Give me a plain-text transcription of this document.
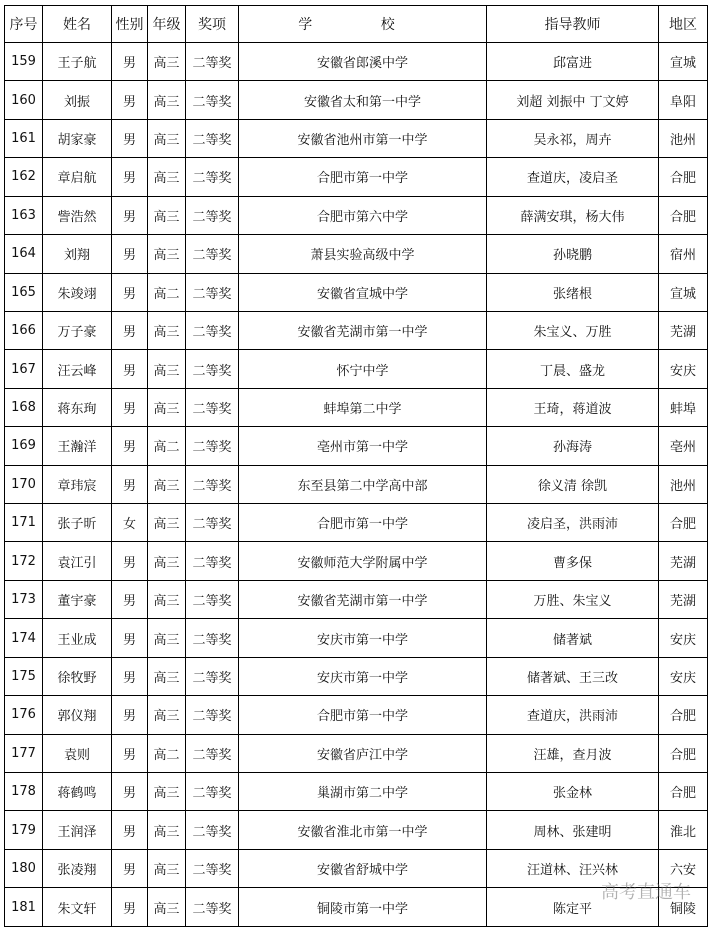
序号	姓名	性别	年级	奖项	学 校	指导教师	地区
159	王子航	男	高三	二等奖	安徽省郎溪中学	邱富进	宣城
160	刘振	男	高三	二等奖	安徽省太和第一中学	刘超 刘振中 丁文婷	阜阳
161	胡家豪	男	高三	二等奖	安徽省池州市第一中学	吴永祁，周卉	池州
162	章启航	男	高三	二等奖	合肥市第一中学	查道庆，凌启圣	合肥
163	訾浩然	男	高三	二等奖	合肥市第六中学	薛满安琪，杨大伟	合肥
164	刘翔	男	高三	二等奖	萧县实验高级中学	孙晓鹏	宿州
165	朱竣翊	男	高二	二等奖	安徽省宣城中学	张绪根	宣城
166	万子豪	男	高三	二等奖	安徽省芜湖市第一中学	朱宝义、万胜	芜湖
167	汪云峰	男	高三	二等奖	怀宁中学	丁晨、盛龙	安庆
168	蒋东珣	男	高三	二等奖	蚌埠第二中学	王琦，蒋道波	蚌埠
169	王瀚洋	男	高二	二等奖	亳州市第一中学	孙海涛	亳州
170	章玮宸	男	高三	二等奖	东至县第二中学高中部	徐义清 徐凯	池州
171	张子昕	女	高三	二等奖	合肥市第一中学	凌启圣，洪雨沛	合肥
172	袁江引	男	高三	二等奖	安徽师范大学附属中学	曹多保	芜湖
173	董宇豪	男	高三	二等奖	安徽省芜湖市第一中学	万胜、朱宝义	芜湖
174	王业成	男	高三	二等奖	安庆市第一中学	储著斌	安庆
175	徐牧野	男	高三	二等奖	安庆市第一中学	储著斌、王三改	安庆
176	郭仪翔	男	高三	二等奖	合肥市第一中学	查道庆，洪雨沛	合肥
177	袁则	男	高二	二等奖	安徽省庐江中学	汪雄，查月波	合肥
178	蒋鹤鸣	男	高三	二等奖	巢湖市第二中学	张金林	合肥
179	王润泽	男	高三	二等奖	安徽省淮北市第一中学	周林、张建明	淮北
180	张凌翔	男	高三	二等奖	安徽省舒城中学	汪道林、汪兴林	六安
181	朱文轩	男	高三	二等奖	铜陵市第一中学	陈定平	铜陵
高考直通车
